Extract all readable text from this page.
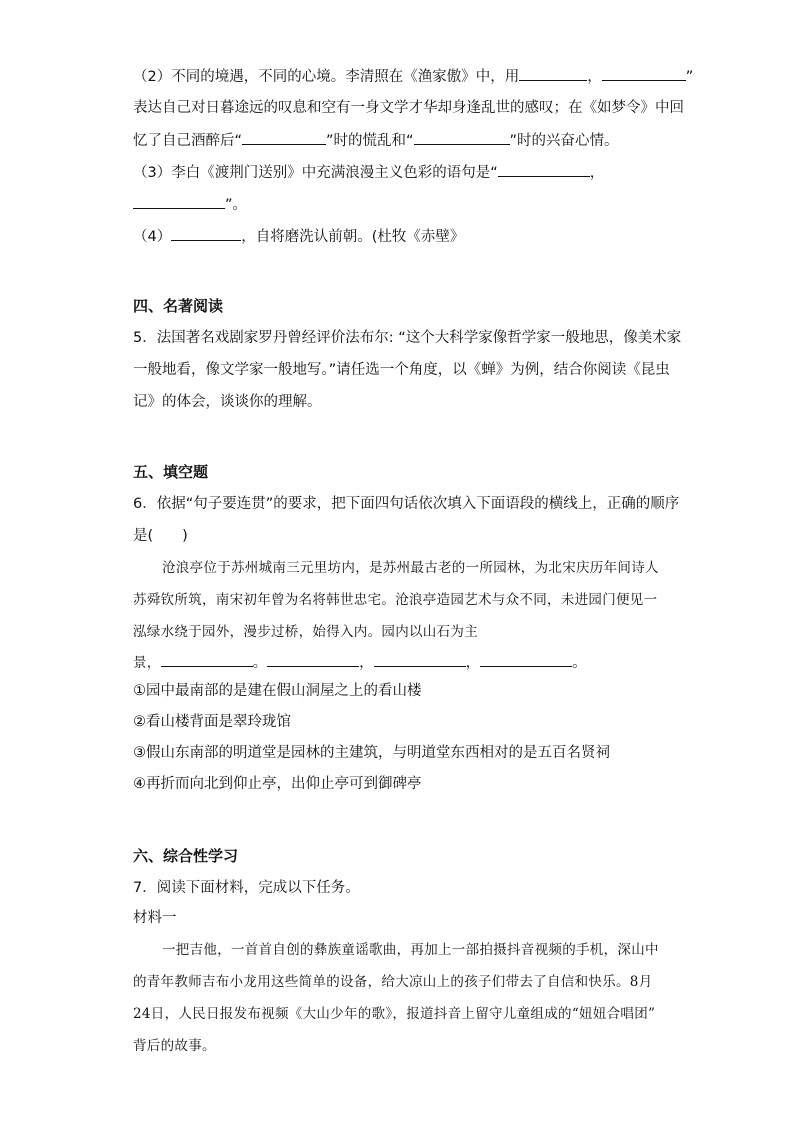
（2）不同的境遇，不同的心境。李清照在《渔家傲》中，用	，	”
表达自己对日暮途远的叹息和空有一身文学才华却身逢乱世的感叹；在《如梦令》中回
忆了自己酒醉后“	”时的慌乱和“	”时的兴奋心情。
（3）李白《渡荆门送别》中充满浪漫主义色彩的语句是“	，
”。
（4）	，自将磨洗认前朝。(杜牧《赤壁》
四、名著阅读
5．法国著名戏剧家罗丹曾经评价法布尔: “这个大科学家像哲学家一般地思，像美术家
一般地看，像文学家一般地写。”请任选一个角度，以《蝉》为例，结合你阅读《昆虫
记》的体会，谈谈你的理解。
五、填空题
6．依据“句子要连贯”的要求，把下面四句话依次填入下面语段的横线上，正确的顺序
是(　　)
沧浪亭位于苏州城南三元里坊内，是苏州最古老的一所园林，为北宋庆历年间诗人
苏舜钦所筑，南宋初年曾为名将韩世忠宅。沧浪亭造园艺术与众不同，未进园门便见一
泓绿水绕于园外，漫步过桥，始得入内。园内以山石为主
景，	。	，	，	。
①园中最南部的是建在假山洞屋之上的看山楼
②看山楼背面是翠玲珑馆
③假山东南部的明道堂是园林的主建筑，与明道堂东西相对的是五百名贤祠
④再折而向北到仰止亭，出仰止亭可到御碑亭
六、综合性学习
7．阅读下面材料，完成以下任务。
材料一
一把吉他，一首首自创的彝族童谣歌曲，再加上一部拍摄抖音视频的手机，深山中
的青年教师吉布小龙用这些简单的设备，给大凉山上的孩子们带去了自信和快乐。8月
24日，人民日报发布视频《大山少年的歌》，报道抖音上留守儿童组成的“妞妞合唱团”
背后的故事。
